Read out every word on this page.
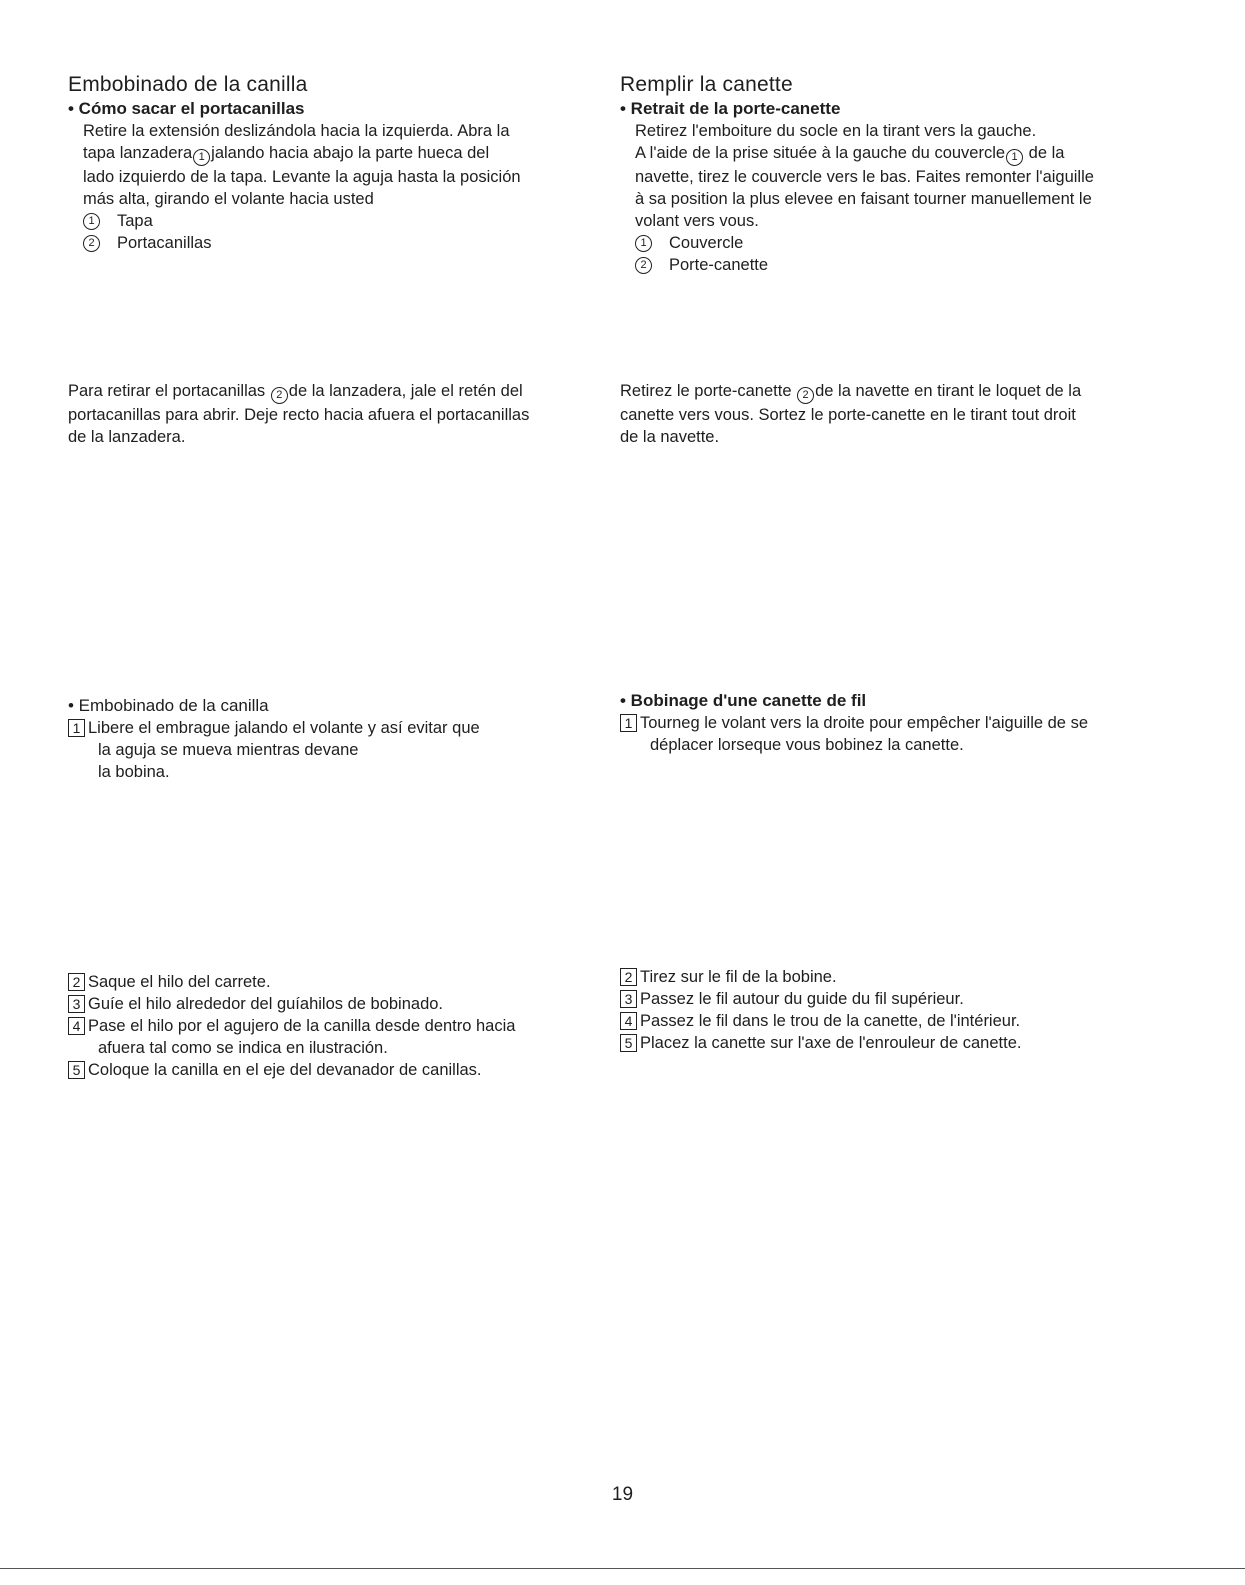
Embobinado de la canilla
• Cómo sacar el portacanillas

Retire la extensión deslizándola hacia la izquierda. Abra la

tapa lanzadera 1 jalando hacia abajo la parte hueca del

lado izquierdo de la tapa. Levante la aguja hasta la posición

más alta, girando el volante hacia usted

1	Tapa
2	Portacanillas

Para retirar el portacanillas 2 de la lanzadera, jale el retén del

portacanillas para abrir. Deje recto hacia afuera el portacanillas

de la lanzadera.

• Embobinado de la canilla
1 Libere el embrague jalando el volante y así evitar que
la aguja se mueva mientras devane
la bobina.
2 Saque el hilo del carrete.
3 Guíe el hilo alrededor del guíahilos de bobinado.
4 Pase el hilo por el agujero de la canilla desde dentro hacia
afuera tal como se indica en ilustración.
5 Coloque la canilla en el eje del devanador de canillas.
Remplir la canette
• Retrait de la porte-canette

Retirez l'emboiture du socle en la tirant vers la gauche.

A l'aide de la prise située à la gauche du couvercle 1 de la

navette, tirez le couvercle vers le bas. Faites remonter l'aiguille

à sa position la plus elevee en faisant tourner manuellement le

volant vers vous.

1	Couvercle
2	Porte-canette

Retirez le porte-canette 2 de la navette en tirant le loquet de la

canette vers vous. Sortez le porte-canette en le tirant tout droit

de la navette.

• Bobinage d'une canette de fil
1 Tourneg le volant vers la droite pour empêcher l'aiguille de se
déplacer lorseque vous bobinez la canette.
2 Tirez sur le fil de la bobine.
3 Passez le fil autour du guide du fil supérieur.
4 Passez le fil dans le trou de la canette, de l'intérieur.
5 Placez la canette sur l'axe de l'enrouleur de canette.
19
